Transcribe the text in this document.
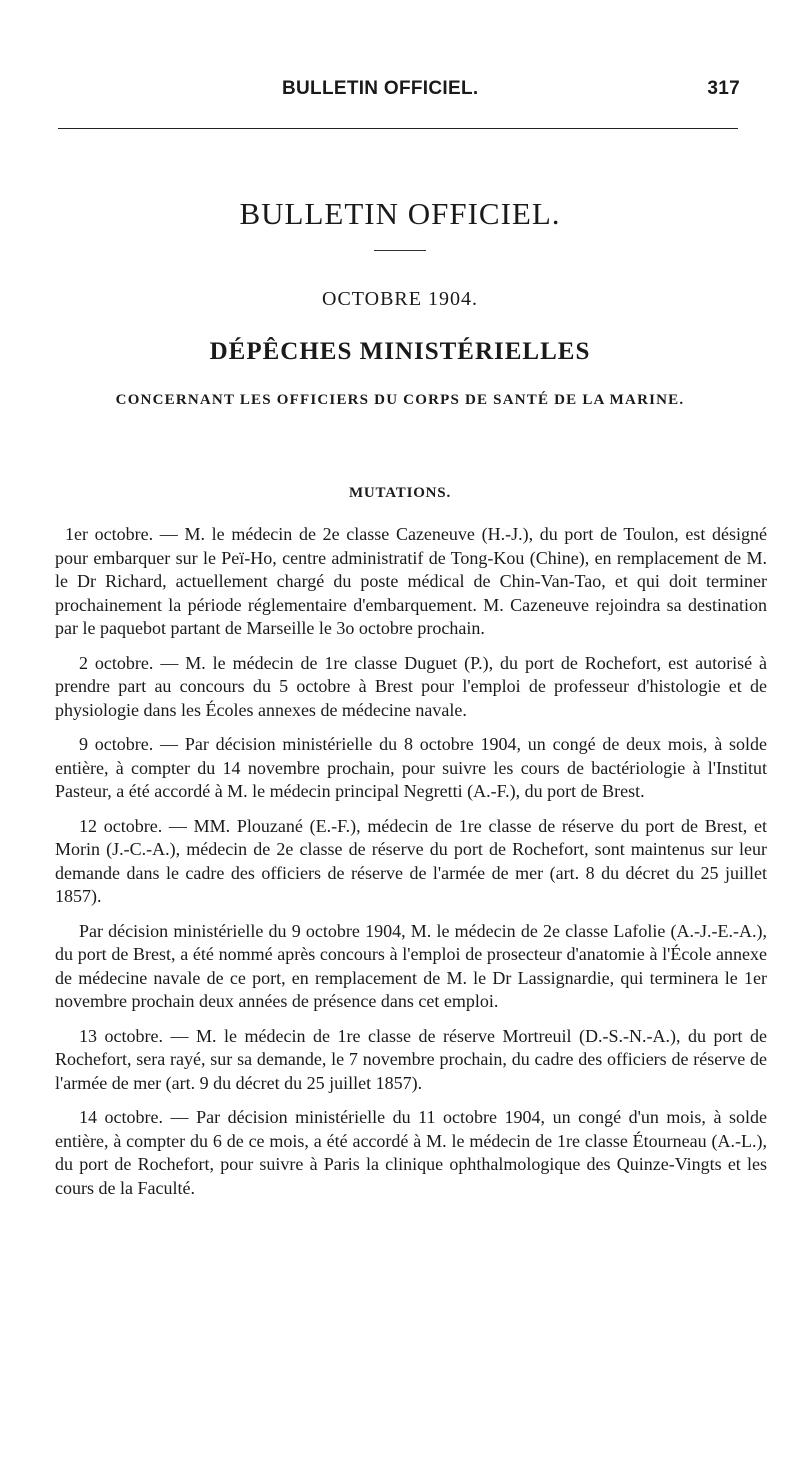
BULLETIN OFFICIEL.	317
BULLETIN OFFICIEL.
OCTOBRE 1904.
DÉPÊCHES MINISTÉRIELLES
CONCERNANT LES OFFICIERS DU CORPS DE SANTÉ DE LA MARINE.
MUTATIONS.

1er octobre. — M. le médecin de 2e classe Cazeneuve (H.-J.), du port de Toulon, est désigné pour embarquer sur le Peï-Ho, centre administratif de Tong-Kou (Chine), en remplacement de M. le Dr Richard, actuellement chargé du poste médical de Chin-Van-Tao, et qui doit terminer prochainement la période réglementaire d'embarquement. M. Cazeneuve rejoindra sa destination par le paquebot partant de Marseille le 3o octobre prochain.

2 octobre. — M. le médecin de 1re classe Duguet (P.), du port de Rochefort, est autorisé à prendre part au concours du 5 octobre à Brest pour l'emploi de professeur d'histologie et de physiologie dans les Écoles annexes de médecine navale.

9 octobre. — Par décision ministérielle du 8 octobre 1904, un congé de deux mois, à solde entière, à compter du 14 novembre prochain, pour suivre les cours de bactériologie à l'Institut Pasteur, a été accordé à M. le médecin principal Negretti (A.-F.), du port de Brest.

12 octobre. — MM. Plouzané (E.-F.), médecin de 1re classe de réserve du port de Brest, et Morin (J.-C.-A.), médecin de 2e classe de réserve du port de Rochefort, sont maintenus sur leur demande dans le cadre des officiers de réserve de l'armée de mer (art. 8 du décret du 25 juillet 1857).

Par décision ministérielle du 9 octobre 1904, M. le médecin de 2e classe Lafolie (A.-J.-E.-A.), du port de Brest, a été nommé après concours à l'emploi de prosecteur d'anatomie à l'École annexe de médecine navale de ce port, en remplacement de M. le Dr Lassignardie, qui terminera le 1er novembre prochain deux années de présence dans cet emploi.

13 octobre. — M. le médecin de 1re classe de réserve Mortreuil (D.-S.-N.-A.), du port de Rochefort, sera rayé, sur sa demande, le 7 novembre prochain, du cadre des officiers de réserve de l'armée de mer (art. 9 du décret du 25 juillet 1857).

14 octobre. — Par décision ministérielle du 11 octobre 1904, un congé d'un mois, à solde entière, à compter du 6 de ce mois, a été accordé à M. le médecin de 1re classe Étourneau (A.-L.), du port de Rochefort, pour suivre à Paris la clinique ophthalmologique des Quinze-Vingts et les cours de la Faculté.
